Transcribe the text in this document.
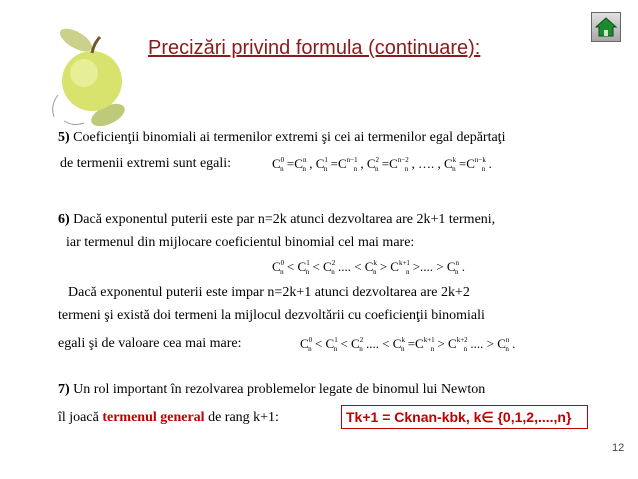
Precizări privind formula (continuare):
5) Coeficienţii binomiali ai termenilor extremi şi cei ai termenilor egal depărtaţi
de termenii extremi sunt egali:	$C^0_n =C^n_n$ , $C^1_n =C^{n-1}_n$ , $C^2_n =C^{n-2}_n$ , …. , $C^k_n =C^{n-k}_n$ .
6) Dacă exponentul puterii este par n=2k atunci dezvoltarea are 2k+1 termeni,
iar termenul din mijlocare coeficientul binomial cel mai mare:
$C^0_n < C^1_n < C^2_n$ .... < $C^k_n > C^{k+1}_n$ >.... > $C^n_n$ .
Dacă exponentul puterii este impar n=2k+1 atunci dezvoltarea are 2k+2
termeni şi există doi termeni la mijlocul dezvoltării cu coeficienţii binomiali
egali şi de valoare cea mai mare:	$C^0_n < C^1_n < C^2_n$ .... < $C^k_n =C^{k+1}_n > C^{k+2}_n$ .... > $C^n_n$ .
7) Un rol important în rezolvarea problemelor legate de binomul lui Newton
îl joacă termenul general de rang k+1:	Tk+1 = Cknan-kbk, k∈ {0,1,2,....,n}
12
